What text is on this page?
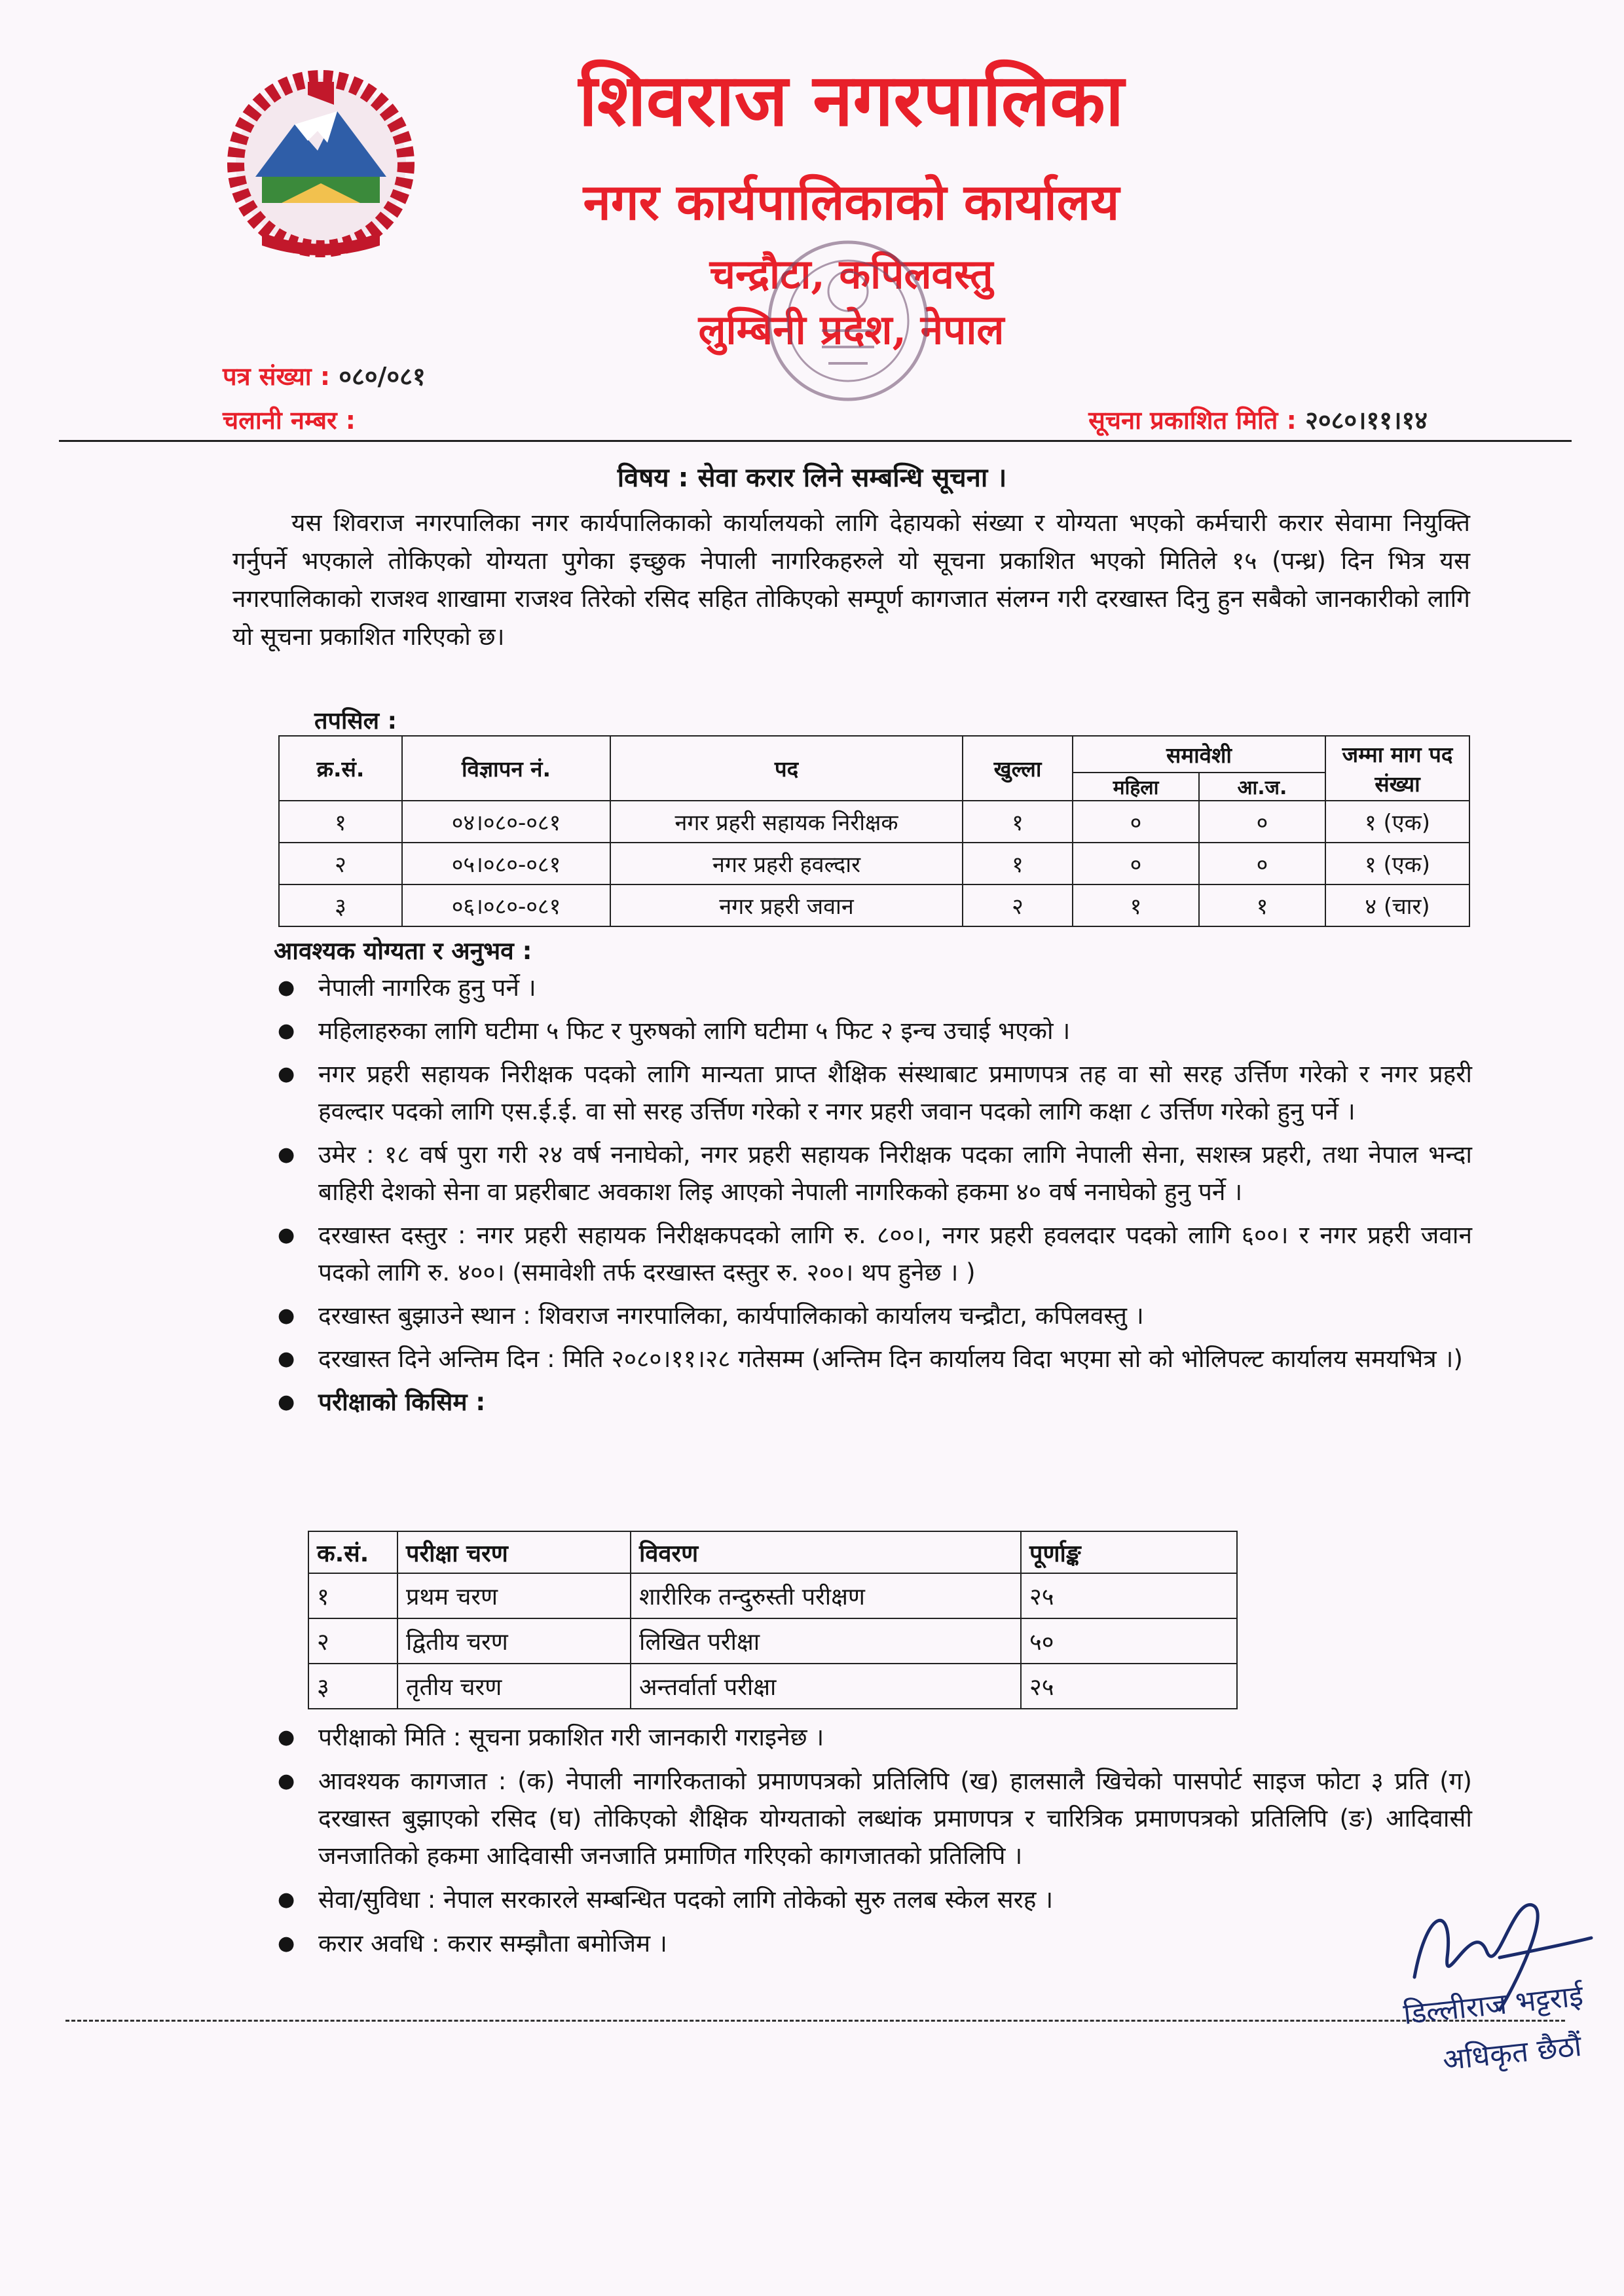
शिवराज नगरपालिका
नगर कार्यपालिकाको कार्यालय
चन्द्रौटा, कपिलवस्तु
लुम्बिनी प्रदेश, नेपाल
पत्र संख्या : ०८०/०८१
चलानी नम्बर :	सूचना प्रकाशित मिति : २०८०।११।१४
विषय : सेवा करार लिने सम्बन्धि सूचना ।
यस शिवराज नगरपालिका नगर कार्यपालिकाको कार्यालयको लागि देहायको संख्या र योग्यता भएको कर्मचारी करार सेवामा नियुक्ति गर्नुपर्ने भएकाले तोकिएको योग्यता पुगेका इच्छुक नेपाली नागरिकहरुले यो सूचना प्रकाशित भएको मितिले १५ (पन्ध्र) दिन भित्र यस नगरपालिकाको राजश्व शाखामा राजश्व तिरेको रसिद सहित तोकिएको सम्पूर्ण कागजात संलग्न गरी दरखास्त दिनु हुन सबैको जानकारीको लागि यो सूचना प्रकाशित गरिएको छ।
तपसिल :
क्र.सं.	विज्ञापन नं.	पद	खुल्ला	समावेशी		जम्मा माग पद संख्या
				महिला	आ.ज.	
१	०४।०८०-०८१	नगर प्रहरी सहायक निरीक्षक	१	०	०	१ (एक)
२	०५।०८०-०८१	नगर प्रहरी हवल्दार	१	०	०	१ (एक)
३	०६।०८०-०८१	नगर प्रहरी जवान	२	१	१	४ (चार)
आवश्यक योग्यता र अनुभव :
● नेपाली नागरिक हुनु पर्ने ।
● महिलाहरुका लागि घटीमा ५ फिट र पुरुषको लागि घटीमा ५ फिट २ इन्च उचाई भएको ।
● नगर प्रहरी सहायक निरीक्षक पदको लागि मान्यता प्राप्त शैक्षिक संस्थाबाट प्रमाणपत्र तह वा सो सरह उर्त्तिण गरेको र नगर प्रहरी हवल्दार पदको लागि एस.ई.ई. वा सो सरह उर्त्तिण गरेको र नगर प्रहरी जवान पदको लागि कक्षा ८ उर्त्तिण गरेको हुनु पर्ने ।
● उमेर : १८ वर्ष पुरा गरी २४ वर्ष ननाघेको, नगर प्रहरी सहायक निरीक्षक पदका लागि नेपाली सेना, सशस्त्र प्रहरी, तथा नेपाल भन्दा बाहिरी देशको सेना वा प्रहरीबाट अवकाश लिइ आएको नेपाली नागरिकको हकमा ४० वर्ष ननाघेको हुनु पर्ने ।
● दरखास्त दस्तुर : नगर प्रहरी सहायक निरीक्षकपदको लागि रु. ८००।, नगर प्रहरी हवलदार पदको लागि ६००। र नगर प्रहरी जवान पदको लागि रु. ४००। (समावेशी तर्फ दरखास्त दस्तुर रु. २००। थप हुनेछ । )
● दरखास्त बुझाउने स्थान : शिवराज नगरपालिका, कार्यपालिकाको कार्यालय चन्द्रौटा, कपिलवस्तु ।
● दरखास्त दिने अन्तिम दिन : मिति २०८०।११।२८ गतेसम्म (अन्तिम दिन कार्यालय विदा भएमा सो को भोलिपल्ट कार्यालय समयभित्र ।)
● परीक्षाको किसिम :
क.सं.	परीक्षा चरण	विवरण	पूर्णाङ्क
१	प्रथम चरण	शारीरिक तन्दुरुस्ती परीक्षण	२५
२	द्वितीय चरण	लिखित परीक्षा	५०
३	तृतीय चरण	अन्तर्वार्ता परीक्षा	२५
● परीक्षाको मिति : सूचना प्रकाशित गरी जानकारी गराइनेछ ।
● आवश्यक कागजात : (क) नेपाली नागरिकताको प्रमाणपत्रको प्रतिलिपि (ख) हालसालै खिचेको पासपोर्ट साइज फोटा ३ प्रति (ग) दरखास्त बुझाएको रसिद (घ) तोकिएको शैक्षिक योग्यताको लब्धांक प्रमाणपत्र र चारित्रिक प्रमाणपत्रको प्रतिलिपि (ङ) आदिवासी जनजातिको हकमा आदिवासी जनजाति प्रमाणित गरिएको कागजातको प्रतिलिपि ।
● सेवा/सुविधा : नेपाल सरकारले सम्बन्धित पदको लागि तोकेको सुरु तलब स्केल सरह ।
● करार अवधि : करार सम्झौता बमोजिम ।
डिल्लीराज भट्टराई
अधिकृत छैठौं
